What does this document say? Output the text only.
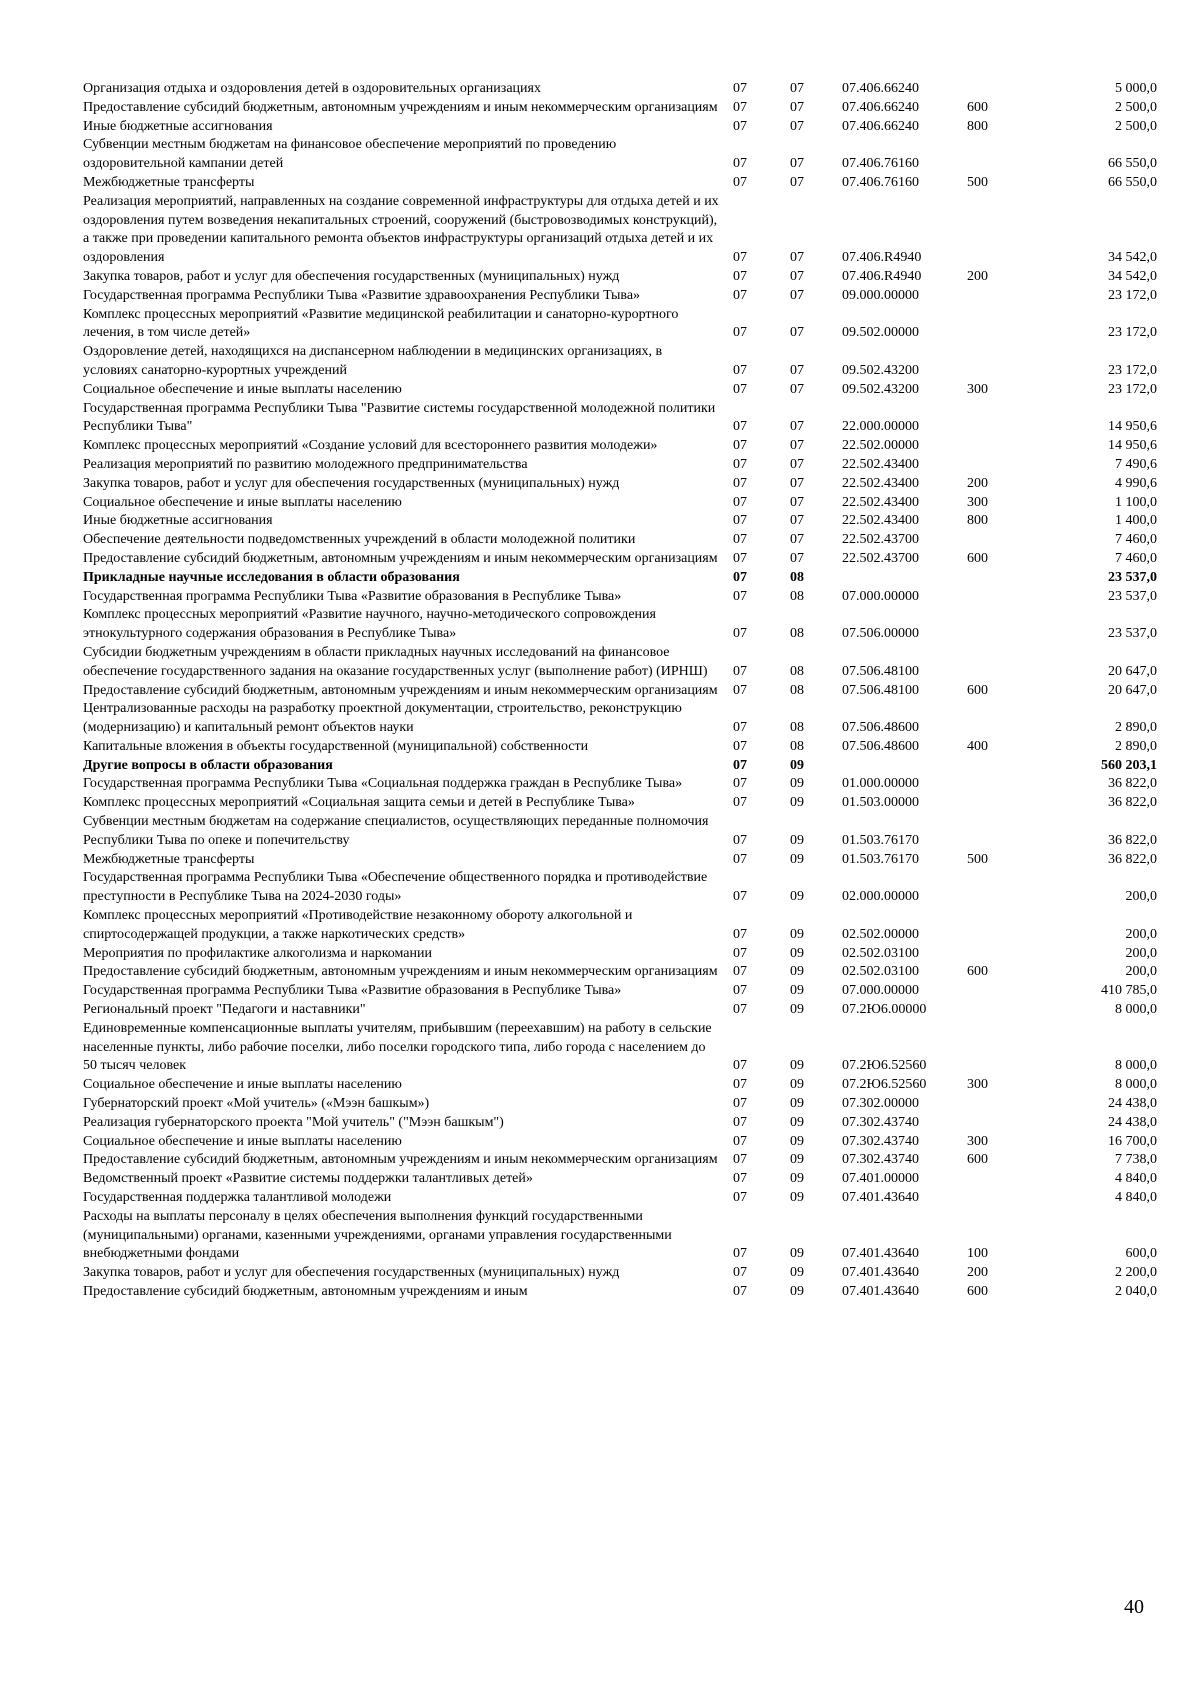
Организация отдыха и оздоровления детей в оздоровительных организациях	07	07	07.406.66240	5 000,0
Предоставление субсидий бюджетным, автономным учреждениям и иным некоммерческим организациям	07	07	07.406.66240	600	2 500,0
Иные бюджетные ассигнования	07	07	07.406.66240	800	2 500,0
Субвенции местным бюджетам на финансовое обеспечение мероприятий по проведению оздоровительной кампании детей	07	07	07.406.76160	66 550,0
Межбюджетные трансферты	07	07	07.406.76160	500	66 550,0
Реализация мероприятий, направленных на создание современной инфраструктуры для отдыха детей и их оздоровления путем возведения некапитальных строений, сооружений (быстровозводимых конструкций), а также при проведении капитального ремонта объектов инфраструктуры организаций отдыха детей и их оздоровления	07	07	07.406.R4940	34 542,0
Закупка товаров, работ и услуг для обеспечения государственных (муниципальных) нужд	07	07	07.406.R4940	200	34 542,0
Государственная программа Республики Тыва «Развитие здравоохранения Республики Тыва»	07	07	09.000.00000	23 172,0
Комплекс процессных мероприятий «Развитие медицинской реабилитации и санаторно-курортного лечения, в том числе детей»	07	07	09.502.00000	23 172,0
Оздоровление детей, находящихся на диспансерном наблюдении в медицинских организациях, в условиях санаторно-курортных учреждений	07	07	09.502.43200	23 172,0
Социальное обеспечение и иные выплаты населению	07	07	09.502.43200	300	23 172,0
Государственная программа Республики Тыва "Развитие системы государственной молодежной политики Республики Тыва"	07	07	22.000.00000	14 950,6
Комплекс процессных мероприятий «Создание условий для всестороннего развития молодежи»	07	07	22.502.00000	14 950,6
Реализация мероприятий по развитию молодежного предпринимательства	07	07	22.502.43400	7 490,6
Закупка товаров, работ и услуг для обеспечения государственных (муниципальных) нужд	07	07	22.502.43400	200	4 990,6
Социальное обеспечение и иные выплаты населению	07	07	22.502.43400	300	1 100,0
Иные бюджетные ассигнования	07	07	22.502.43400	800	1 400,0
Обеспечение деятельности подведомственных учреждений в области молодежной политики	07	07	22.502.43700	7 460,0
Предоставление субсидий бюджетным, автономным учреждениям и иным некоммерческим организациям	07	07	22.502.43700	600	7 460,0
Прикладные научные исследования в области образования	07	08	23 537,0
Государственная программа Республики Тыва «Развитие образования в Республике Тыва»	07	08	07.000.00000	23 537,0
Комплекс процессных мероприятий «Развитие научного, научно-методического сопровождения этнокультурного содержания образования в Республике Тыва»	07	08	07.506.00000	23 537,0
Субсидии бюджетным учреждениям в области прикладных научных исследований на финансовое обеспечение государственного задания на оказание государственных услуг (выполнение работ) (ИРНШ)	07	08	07.506.48100	20 647,0
Предоставление субсидий бюджетным, автономным учреждениям и иным некоммерческим организациям	07	08	07.506.48100	600	20 647,0
Централизованные расходы на разработку проектной документации, строительство, реконструкцию (модернизацию) и капитальный ремонт объектов науки	07	08	07.506.48600	2 890,0
Капитальные вложения в объекты государственной (муниципальной) собственности	07	08	07.506.48600	400	2 890,0
Другие вопросы в области образования	07	09	560 203,1
Государственная программа Республики Тыва «Социальная поддержка граждан в Республике Тыва»	07	09	01.000.00000	36 822,0
Комплекс процессных мероприятий «Социальная защита семьи и детей в Республике Тыва»	07	09	01.503.00000	36 822,0
Субвенции местным бюджетам на содержание специалистов, осуществляющих переданные полномочия Республики Тыва по опеке и попечительству	07	09	01.503.76170	36 822,0
Межбюджетные трансферты	07	09	01.503.76170	500	36 822,0
Государственная программа Республики Тыва «Обеспечение общественного порядка и противодействие преступности в Республике Тыва на 2024-2030 годы»	07	09	02.000.00000	200,0
Комплекс процессных мероприятий «Противодействие незаконному обороту алкогольной и спиртосодержащей продукции, а также наркотических средств»	07	09	02.502.00000	200,0
Мероприятия по профилактике алкоголизма и наркомании	07	09	02.502.03100	200,0
Предоставление субсидий бюджетным, автономным учреждениям и иным некоммерческим организациям	07	09	02.502.03100	600	200,0
Государственная программа Республики Тыва «Развитие образования в Республике Тыва»	07	09	07.000.00000	410 785,0
Региональный проект "Педагоги и наставники"	07	09	07.2Ю6.00000	8 000,0
Единовременные компенсационные выплаты учителям, прибывшим (переехавшим) на работу в сельские населенные пункты, либо рабочие поселки, либо поселки городского типа, либо города с населением до 50 тысяч человек	07	09	07.2Ю6.52560	8 000,0
Социальное обеспечение и иные выплаты населению	07	09	07.2Ю6.52560	300	8 000,0
Губернаторский проект «Мой учитель» («Мээн башкым»)	07	09	07.302.00000	24 438,0
Реализация губернаторского проекта "Мой учитель" ("Мээн башкым")	07	09	07.302.43740	24 438,0
Социальное обеспечение и иные выплаты населению	07	09	07.302.43740	300	16 700,0
Предоставление субсидий бюджетным, автономным учреждениям и иным некоммерческим организациям	07	09	07.302.43740	600	7 738,0
Ведомственный проект «Развитие системы поддержки талантливых детей»	07	09	07.401.00000	4 840,0
Государственная поддержка талантливой молодежи	07	09	07.401.43640	4 840,0
Расходы на выплаты персоналу в целях обеспечения выполнения функций государственными (муниципальными) органами, казенными учреждениями, органами управления государственными внебюджетными фондами	07	09	07.401.43640	100	600,0
Закупка товаров, работ и услуг для обеспечения государственных (муниципальных) нужд	07	09	07.401.43640	200	2 200,0
Предоставление субсидий бюджетным, автономным учреждениям и иным	07	09	07.401.43640	600	2 040,0
40
